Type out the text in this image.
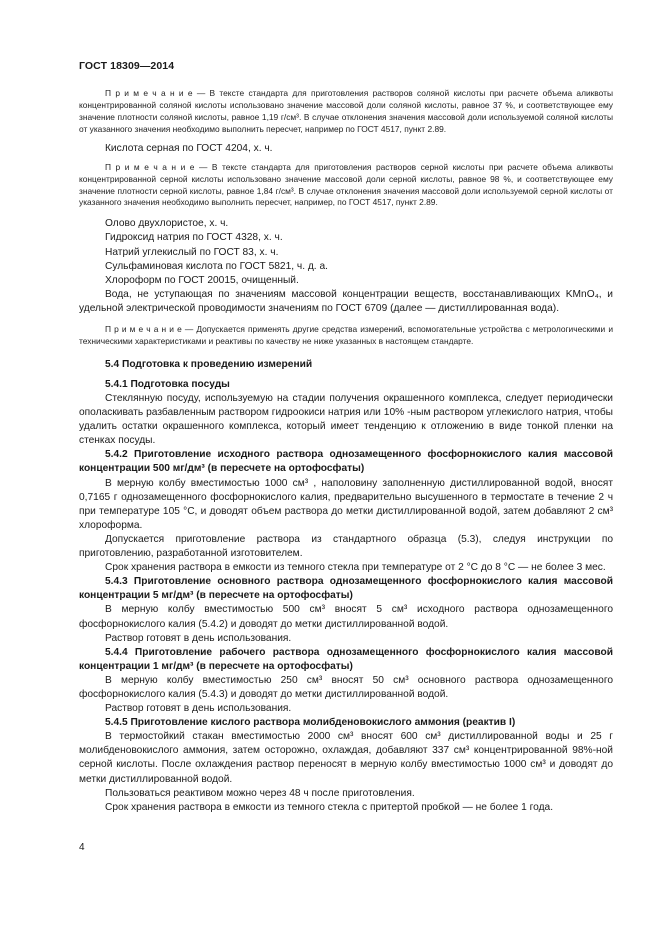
ГОСТ 18309—2014

П р и м е ч а н и е — В тексте стандарта для приготовления растворов соляной кислоты при расчете объема аликвоты концентрированной соляной кислоты использовано значение массовой доли соляной кислоты, равное 37 %, и соответствующее ему значение плотности соляной кислоты, равное 1,19 г/см³. В случае отклонения значения массовой доли используемой соляной кислоты от указанного значения необходимо выполнить пересчет, например по ГОСТ 4517, пункт 2.89.

Кислота серная по ГОСТ 4204, х. ч.

П р и м е ч а н и е — В тексте стандарта для приготовления растворов серной кислоты при расчете объема аликвоты концентрированной серной кислоты использовано значение массовой доли серной кислоты, равное 98 %, и соответствующее ему значение плотности серной кислоты, равное 1,84 г/см³. В случае отклонения значения массовой доли используемой серной кислоты от указанного значения необходимо выполнить пересчет, например, по ГОСТ 4517, пункт 2.89.

Олово двухлористое, х. ч.

Гидроксид натрия по ГОСТ 4328, х. ч.

Натрий углекислый по ГОСТ 83, х. ч.

Сульфаминовая кислота по ГОСТ 5821, ч. д. а.

Хлороформ по ГОСТ 20015, очищенный.

Вода, не уступающая по значениям массовой концентрации веществ, восстанавливающих KMnO₄, и удельной электрической проводимости значениям по ГОСТ 6709 (далее — дистиллированная вода).

П р и м е ч а н и е — Допускается применять другие средства измерений, вспомогательные устройства с метрологическими и техническими характеристиками и реактивы по качеству не ниже указанных в настоящем стандарте.

5.4 Подготовка к проведению измерений

5.4.1 Подготовка посуды

Стеклянную посуду, используемую на стадии получения окрашенного комплекса, следует периодически ополаскивать разбавленным раствором гидроокиси натрия или 10% -ным раствором углекислого натрия, чтобы удалить остатки окрашенного комплекса, который имеет тенденцию к отложению в виде тонкой пленки на стенках посуды.

5.4.2 Приготовление исходного раствора однозамещенного фосфорнокислого калия массовой концентрации 500 мг/дм³ (в пересчете на ортофосфаты)

В мерную колбу вместимостью 1000 см³ , наполовину заполненную дистиллированной водой, вносят 0,7165 г однозамещенного фосфорнокислого калия, предварительно высушенного в термостате в течение 2 ч при температуре 105 °С, и доводят объем раствора до метки дистиллированной водой, затем добавляют 2 см³ хлороформа.

Допускается приготовление раствора из стандартного образца (5.3), следуя инструкции по приготовлению, разработанной изготовителем.

Срок хранения раствора в емкости из темного стекла при температуре от 2 °С до 8 °С — не более 3 мес.

5.4.3 Приготовление основного раствора однозамещенного фосфорнокислого калия массовой концентрации 5 мг/дм³ (в пересчете на ортофосфаты)

В мерную колбу вместимостью 500 см³ вносят 5 см³ исходного раствора однозамещенного фосфорнокислого калия (5.4.2) и доводят до метки дистиллированной водой.

Раствор готовят в день использования.

5.4.4 Приготовление рабочего раствора однозамещенного фосфорнокислого калия массовой концентрации 1 мг/дм³ (в пересчете на ортофосфаты)

В мерную колбу вместимостью 250 см³ вносят 50 см³ основного раствора однозамещенного фосфорнокислого калия (5.4.3) и доводят до метки дистиллированной водой.

Раствор готовят в день использования.

5.4.5 Приготовление кислого раствора молибденовокислого аммония (реактив I)

В термостойкий стакан вместимостью 2000 см³ вносят 600 см³ дистиллированной воды и 25 г молибденовокислого аммония, затем осторожно, охлаждая, добавляют 337 см³ концентрированной 98%-ной серной кислоты. После охлаждения раствор переносят в мерную колбу вместимостью 1000 см³ и доводят до метки дистиллированной водой.

Пользоваться реактивом можно через 48 ч после приготовления.

Срок хранения раствора в емкости из темного стекла с притертой пробкой — не более 1 года.

4
